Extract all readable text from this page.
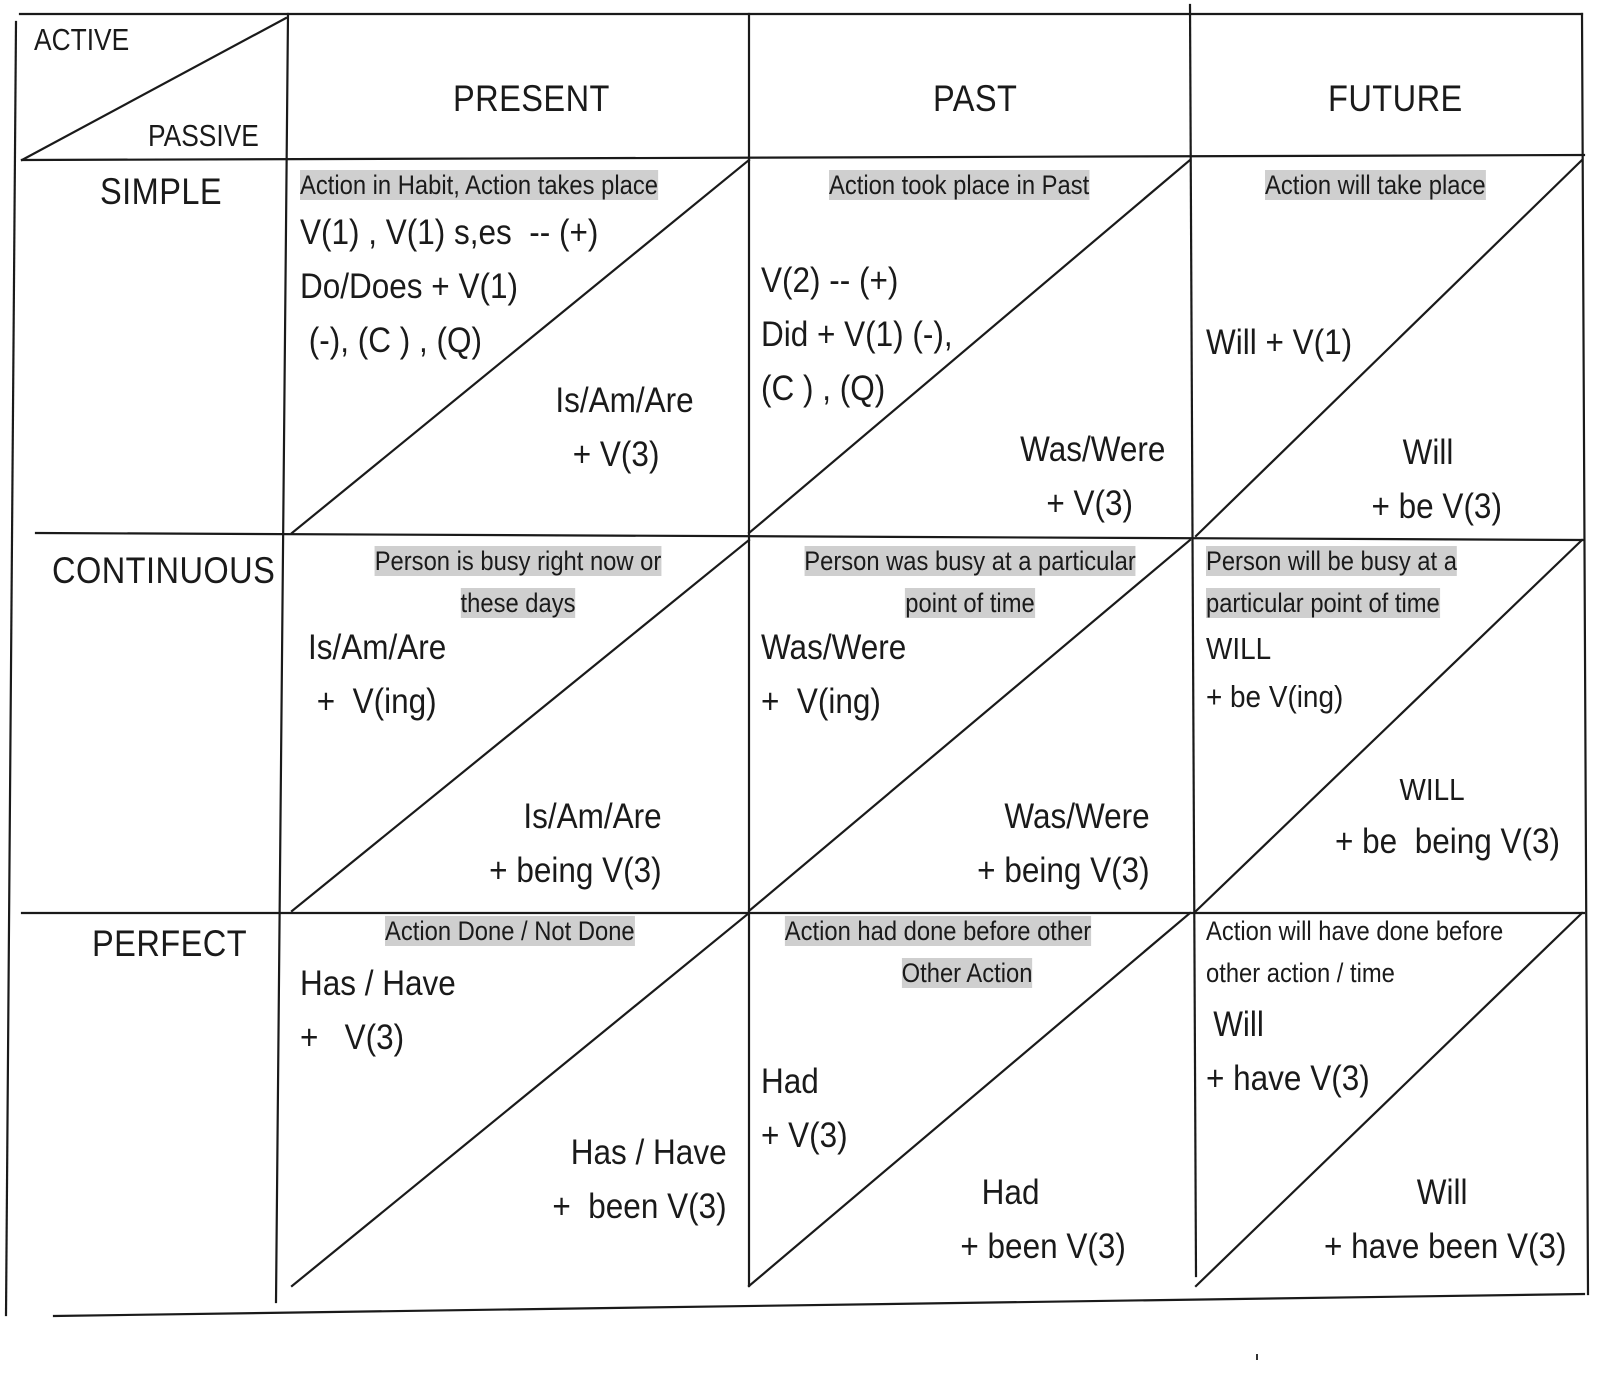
ACTIVE
PASSIVE
PRESENT	PAST	FUTURE
SIMPLE
CONTINUOUS
PERFECT
Action in Habit, Action takes place
V(1) , V(1) s,es  -- (+)
Do/Does + V(1)
(-), (C ) , (Q)
Is/Am/Are
+ V(3)
Action took place in Past
V(2) -- (+)
Did + V(1) (-),
(C ) , (Q)
Was/Were
+ V(3)
Action will take place
Will + V(1)
Will
+ be V(3)
Person is busy right now or
these days
Is/Am/Are
+  V(ing)
Is/Am/Are
+ being V(3)
Person was busy at a particular
point of time
Was/Were
+  V(ing)
Was/Were
+ being V(3)
Person will be busy at a
particular point of time
WILL
+ be V(ing)
WILL
+ be  being V(3)
Action Done / Not Done
Has / Have
+   V(3)
Has / Have
+  been V(3)
Action had done before other
Other Action
Had
+ V(3)
Had
+ been V(3)
Action will have done before
other action / time
Will
+ have V(3)
Will
+ have been V(3)
